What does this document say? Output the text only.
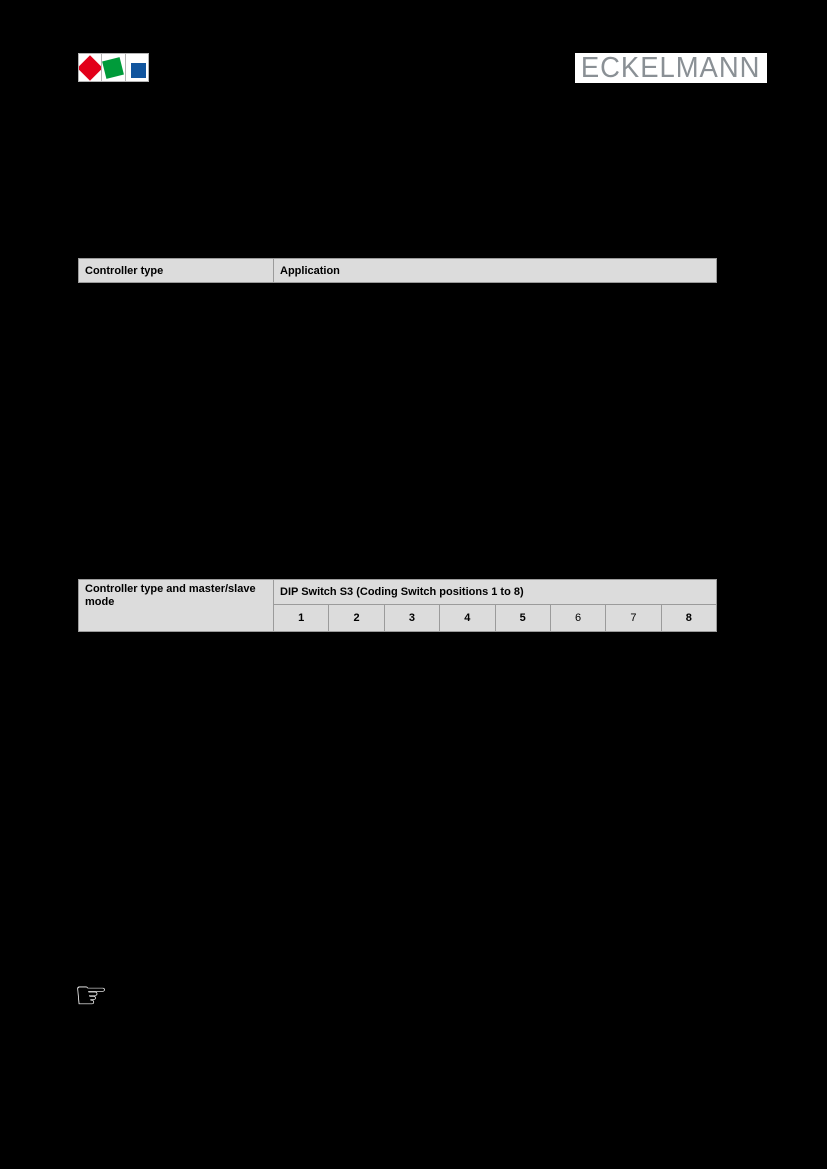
ECKELMANN
Controller type	Application
Controller type and master/slave
mode
DIP Switch S3 (Coding Switch positions 1 to 8)
1	2	3	4	5	6	7	8
☞
